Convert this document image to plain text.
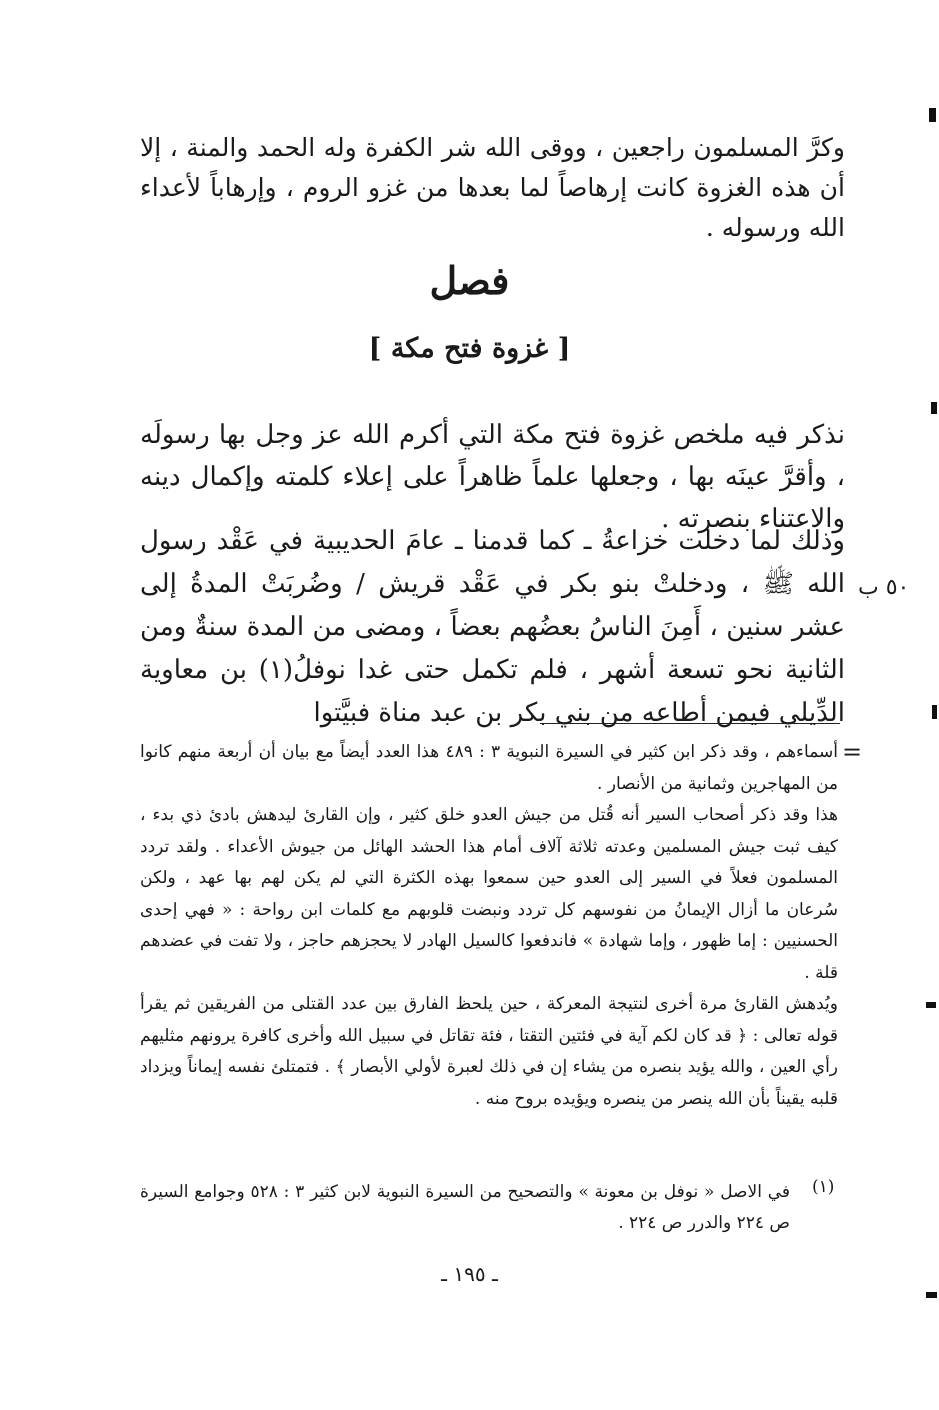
وكرَّ المسلمون راجعين ، ووقى الله شر الكفرة وله الحمد والمنة ، إلا أن هذه الغزوة كانت إرهاصاً لما بعدها من غزو الروم ، وإرهاباً لأعداء الله ورسوله .

فصل
[ غزوة فتح مكة ]

نذكر فيه ملخص غزوة فتح مكة التي أكرم الله عز وجل بها رسولَه ، وأقرَّ عينَه بها ، وجعلها علماً ظاهراً على إعلاء كلمته وإكمال دينه والاعتناء بنصرته .

وذلك لما دخلت خزاعةُ ـ كما قدمنا ـ عامَ الحديبية في عَقْد رسول الله ﷺ ، ودخلتْ بنو بكر في عَقْد قريش / وضُربَتْ المدةُ إلى عشر سنين ، أَمِنَ الناسُ بعضُهم بعضاً ، ومضى من المدة سنةٌ ومن الثانية نحو تسعة أشهر ، فلم تكمل حتى غدا نوفلُ(١) بن معاوية الدِّيلي فيمن أطاعه من بني بكر بن عبد مناة فبيَّتوا

٥٠ ب
=

أسماءهم ، وقد ذكر ابن كثير في السيرة النبوية ٣ : ٤٨٩ هذا العدد أيضاً مع بيان أن أربعة منهم كانوا من المهاجرين وثمانية من الأنصار .

هذا وقد ذكر أصحاب السير أنه قُتل من جيش العدو خلق كثير ، وإن القارئ ليدهش بادئ ذي بدء ، كيف ثبت جيش المسلمين وعدته ثلاثة آلاف أمام هذا الحشد الهائل من جيوش الأعداء . ولقد تردد المسلمون فعلاً في السير إلى العدو حين سمعوا بهذه الكثرة التي لم يكن لهم بها عهد ، ولكن سُرعان ما أزال الإيمانُ من نفوسهم كل تردد ونبضت قلوبهم مع كلمات ابن رواحة : « فهي إحدى الحسنيين : إما ظهور ، وإما شهادة » فاندفعوا كالسيل الهادر لا يحجزهم حاجز ، ولا تفت في عضدهم قلة .

ويُدهش القارئ مرة أخرى لنتيجة المعركة ، حين يلحظ الفارق بين عدد القتلى من الفريقين ثم يقرأ قوله تعالى : ﴿ قد كان لكم آية في فئتين التقتا ، فئة تقاتل في سبيل الله وأخرى كافرة يرونهم مثليهم رأي العين ، والله يؤيد بنصره من يشاء إن في ذلك لعبرة لأولي الأبصار ﴾ . فتمتلئ نفسه إيماناً ويزداد قلبه يقيناً بأن الله ينصر من ينصره ويؤيده بروح منه .

(١)

في الاصل « نوفل بن معونة » والتصحيح من السيرة النبوية لابن كثير ٣ : ٥٢٨ وجوامع السيرة ص ٢٢٤ والدرر ص ٢٢٤ .

ـ ١٩٥ ـ
